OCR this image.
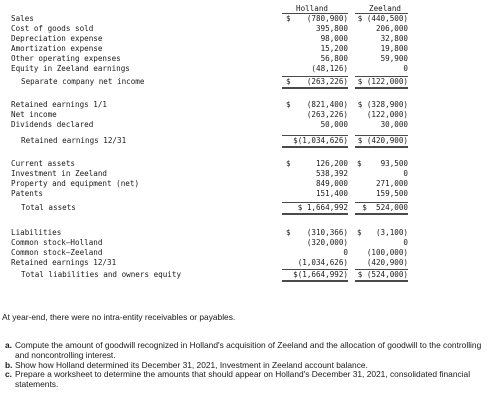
Holland	Zeeland
Sales	$	(780,900)	$ (440,500)
Cost of goods sold	395,800	206,000
Depreciation expense	98,000	32,800
Amortization expense	15,200	19,800
Other operating expenses	56,800	59,900
Equity in Zeeland earnings	(48,126)	0
Separate company net income	$	(263,226)	$ (122,000)
Retained earnings 1/1	$	(821,400)	$ (328,900)
Net income	(263,226)	(122,000)
Dividends declared	50,000	30,000
Retained earnings 12/31	$(1,034,626)	$ (420,900)
Current assets	$	126,200 $	93,500
Investment in Zeeland	538,392	0
Property and equipment (net)	849,000	271,000
Patents	151,400	159,500
Total assets	$ 1,664,992	$  524,000
Liabilities	$	(310,366) $	(3,100)
Common stock—Holland	(320,000)	0
Common stock—Zeeland	0	(100,000)
Retained earnings 12/31	(1,034,626)	(420,900)
Total liabilities and owners equity	$(1,664,992)	$ (524,000)
At year-end, there were no intra-entity receivables or payables.
a. Compute the amount of goodwill recognized in Holland's acquisition of Zeeland and the allocation of goodwill to the controlling and noncontrolling interest.
b. Show how Holland determined its December 31, 2021, Investment in Zeeland account balance.
c. Prepare a worksheet to determine the amounts that should appear on Holland's December 31, 2021, consolidated financial statements.
